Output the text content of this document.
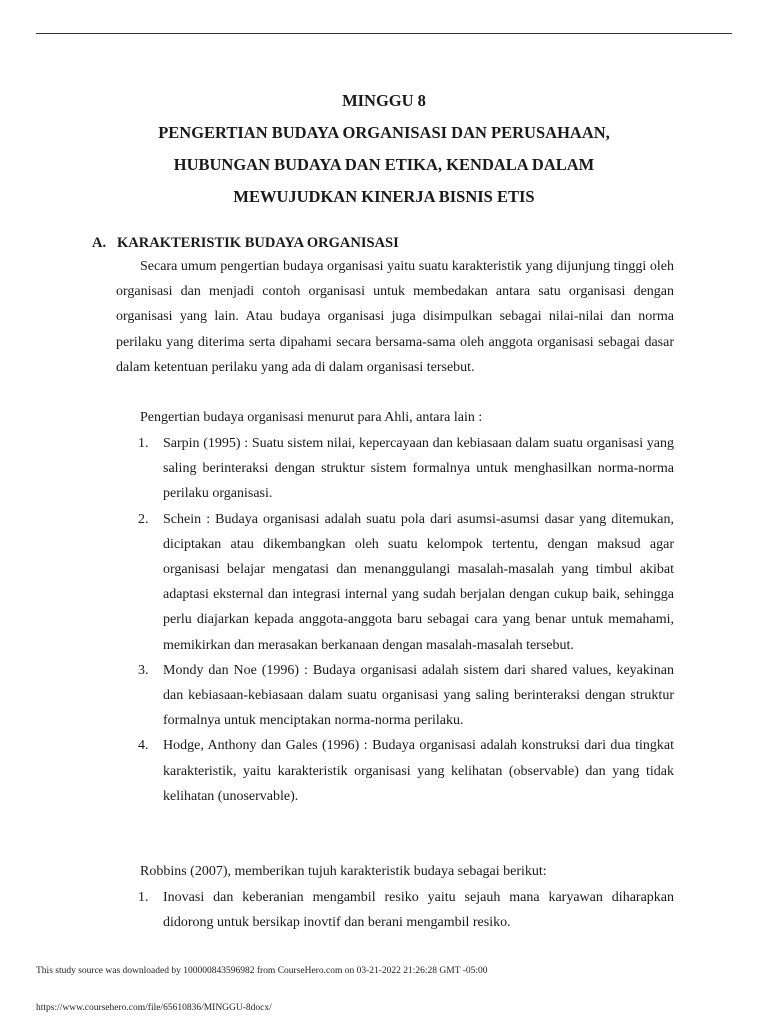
MINGGU 8
PENGERTIAN BUDAYA ORGANISASI DAN PERUSAHAAN,
HUBUNGAN BUDAYA DAN ETIKA, KENDALA DALAM
MEWUJUDKAN KINERJA BISNIS ETIS
A. KARAKTERISTIK BUDAYA ORGANISASI

Secara umum pengertian budaya organisasi yaitu suatu karakteristik yang dijunjung tinggi oleh organisasi dan menjadi contoh organisasi untuk membedakan antara satu organisasi dengan organisasi yang lain. Atau budaya organisasi juga disimpulkan sebagai nilai-nilai dan norma perilaku yang diterima serta dipahami secara bersama-sama oleh anggota organisasi sebagai dasar dalam ketentuan perilaku yang ada di dalam organisasi tersebut.

Pengertian budaya organisasi menurut para Ahli, antara lain :

1. Sarpin (1995) : Suatu sistem nilai, kepercayaan dan kebiasaan dalam suatu organisasi yang saling berinteraksi dengan struktur sistem formalnya untuk menghasilkan norma-norma perilaku organisasi.
2. Schein : Budaya organisasi adalah suatu pola dari asumsi-asumsi dasar yang ditemukan, diciptakan atau dikembangkan oleh suatu kelompok tertentu, dengan maksud agar organisasi belajar mengatasi dan menanggulangi masalah-masalah yang timbul akibat adaptasi eksternal dan integrasi internal yang sudah berjalan dengan cukup baik, sehingga perlu diajarkan kepada anggota-anggota baru sebagai cara yang benar untuk memahami, memikirkan dan merasakan berkanaan dengan masalah-masalah tersebut.
3. Mondy dan Noe (1996) : Budaya organisasi adalah sistem dari shared values, keyakinan dan kebiasaan-kebiasaan dalam suatu organisasi yang saling berinteraksi dengan struktur formalnya untuk menciptakan norma-norma perilaku.
4. Hodge, Anthony dan Gales (1996) : Budaya organisasi adalah konstruksi dari dua tingkat karakteristik, yaitu karakteristik organisasi yang kelihatan (observable) dan yang tidak kelihatan (unoservable).

Robbins (2007), memberikan tujuh karakteristik budaya sebagai berikut:

1. Inovasi dan keberanian mengambil resiko yaitu sejauh mana karyawan diharapkan didorong untuk bersikap inovtif dan berani mengambil resiko.
This study source was downloaded by 100000843596982 from CourseHero.com on 03-21-2022 21:26:28 GMT -05:00
https://www.coursehero.com/file/65610836/MINGGU-8docx/
